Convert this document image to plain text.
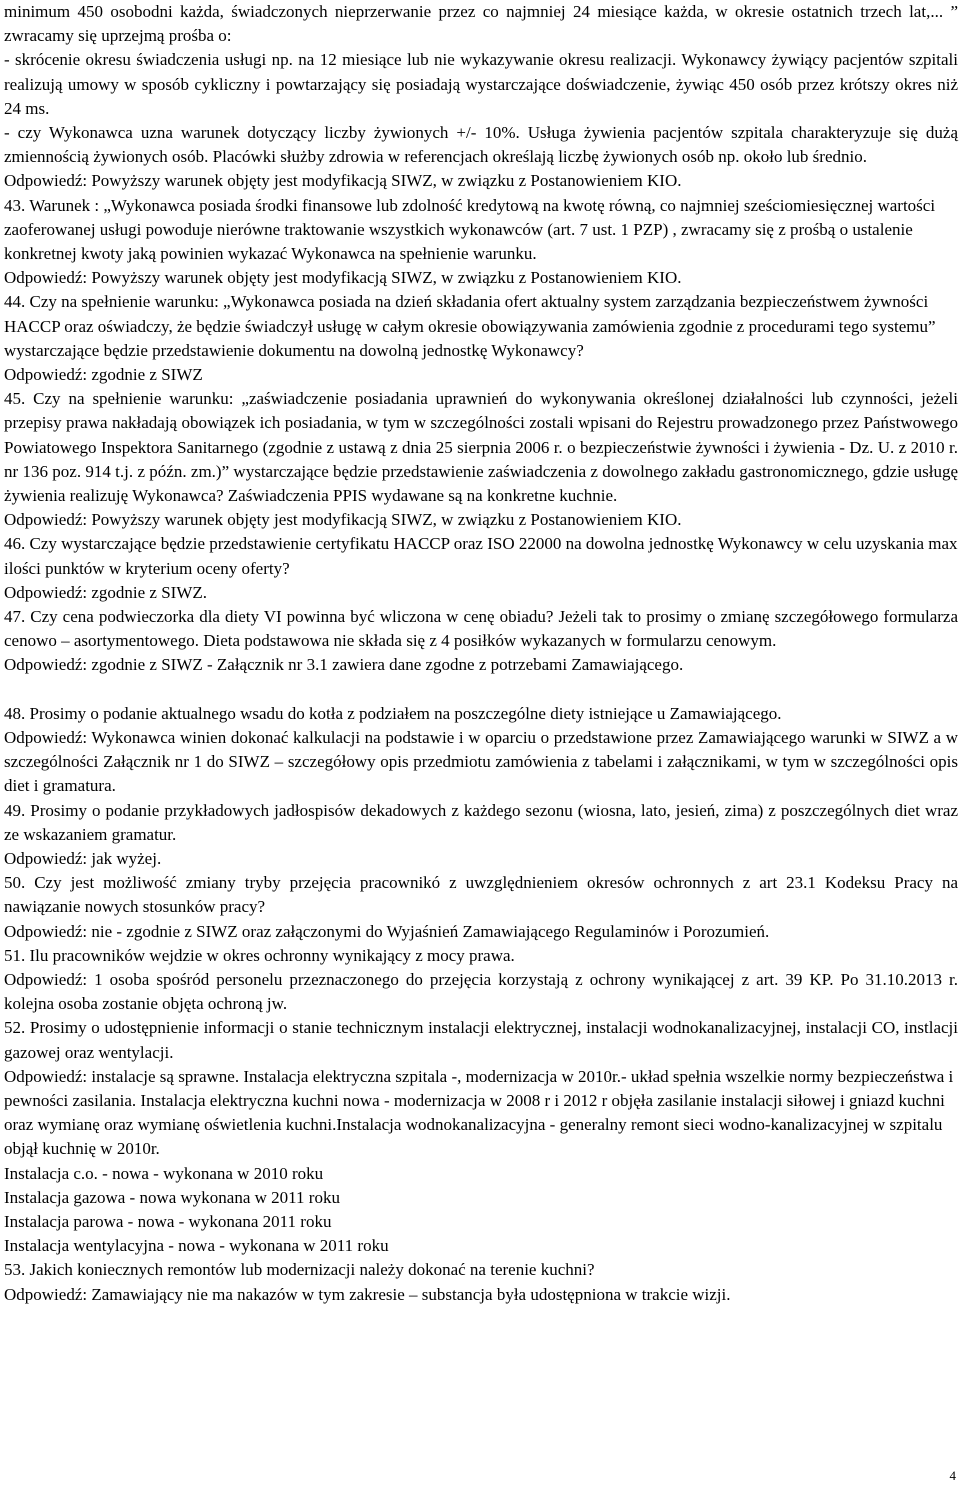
minimum 450 osobodni każda, świadczonych nieprzerwanie przez co najmniej 24 miesiące każda, w okresie ostatnich trzech lat,... ” zwracamy się uprzejmą prośba o:

- skrócenie okresu świadczenia usługi np. na 12 miesiące lub nie wykazywanie okresu realizacji. Wykonawcy żywiący pacjentów szpitali realizują umowy w sposób cykliczny i powtarzający się posiadają wystarczające doświadczenie, żywiąc 450 osób przez krótszy okres niż 24 ms.

- czy Wykonawca uzna warunek dotyczący liczby żywionych +/- 10%. Usługa żywienia pacjentów szpitala charakteryzuje się dużą zmiennością żywionych osób. Placówki służby zdrowia w referencjach określają liczbę żywionych osób np. około lub średnio.

Odpowiedź: Powyższy warunek objęty jest modyfikacją SIWZ, w związku z Postanowieniem KIO.

43. Warunek : „Wykonawca posiada środki finansowe lub zdolność kredytową na kwotę równą, co najmniej sześciomiesięcznej wartości zaoferowanej usługi powoduje nierówne traktowanie wszystkich wykonawców (art. 7 ust. 1 PZP) , zwracamy się z prośbą o ustalenie konkretnej kwoty jaką powinien wykazać Wykonawca na spełnienie warunku.

Odpowiedź: Powyższy warunek objęty jest modyfikacją SIWZ, w związku z Postanowieniem KIO.

44. Czy na spełnienie warunku: „Wykonawca posiada na dzień składania ofert aktualny system zarządzania bezpieczeństwem żywności HACCP oraz oświadczy, że będzie świadczył usługę w całym okresie obowiązywania zamówienia zgodnie z procedurami tego systemu” wystarczające będzie przedstawienie dokumentu na dowolną jednostkę Wykonawcy?

Odpowiedź: zgodnie z SIWZ

45. Czy na spełnienie warunku: „zaświadczenie posiadania uprawnień do wykonywania określonej działalności lub czynności, jeżeli przepisy prawa nakładają obowiązek ich posiadania, w tym w szczególności zostali wpisani do Rejestru prowadzonego przez Państwowego Powiatowego Inspektora Sanitarnego (zgodnie z ustawą z dnia 25 sierpnia 2006 r. o bezpieczeństwie żywności i żywienia - Dz. U. z 2010 r. nr 136 poz. 914 t.j. z późn. zm.)” wystarczające będzie przedstawienie zaświadczenia z dowolnego zakładu gastronomicznego, gdzie usługę żywienia realizuję Wykonawca? Zaświadczenia PPIS wydawane są na konkretne kuchnie.

Odpowiedź: Powyższy warunek objęty jest modyfikacją SIWZ, w związku z Postanowieniem KIO.

46. Czy wystarczające będzie przedstawienie certyfikatu HACCP oraz ISO 22000 na dowolna jednostkę Wykonawcy w celu uzyskania max ilości punktów w kryterium oceny oferty?

Odpowiedź: zgodnie z SIWZ.

47. Czy cena podwieczorka dla diety VI powinna być wliczona w cenę obiadu? Jeżeli tak to prosimy o zmianę szczegółowego formularza cenowo – asortymentowego. Dieta podstawowa nie składa się z 4 posiłków wykazanych w formularzu cenowym.

Odpowiedź: zgodnie z SIWZ - Załącznik nr 3.1 zawiera dane zgodne z potrzebami Zamawiającego.

48. Prosimy o podanie aktualnego wsadu do kotła z podziałem na poszczególne diety istniejące u Zamawiającego.

Odpowiedź: Wykonawca winien dokonać kalkulacji na podstawie i w oparciu o przedstawione przez Zamawiającego warunki w SIWZ a w szczególności Załącznik nr 1 do SIWZ – szczegółowy opis przedmiotu zamówienia z tabelami i załącznikami, w tym w szczególności opis diet i gramatura.

49. Prosimy o podanie przykładowych jadłospisów dekadowych z każdego sezonu (wiosna, lato, jesień, zima) z poszczególnych diet wraz ze wskazaniem gramatur.

Odpowiedź: jak wyżej.

50. Czy jest możliwość zmiany tryby przejęcia pracownikó z uwzględnieniem okresów ochronnych z art 23.1 Kodeksu Pracy na nawiązanie nowych stosunków pracy?

Odpowiedź: nie - zgodnie z SIWZ oraz załączonymi do Wyjaśnień Zamawiającego Regulaminów i Porozumień.

51. Ilu pracowników wejdzie w okres ochronny wynikający z mocy prawa.

Odpowiedź: 1 osoba spośród personelu przeznaczonego do przejęcia korzystają z ochrony wynikającej z art. 39 KP. Po 31.10.2013 r. kolejna osoba zostanie objęta ochroną jw.

52. Prosimy o udostępnienie informacji o stanie technicznym instalacji elektrycznej, instalacji wodnokanalizacyjnej, instalacji CO, instlacji gazowej oraz wentylacji.

Odpowiedź: instalacje są sprawne. Instalacja elektryczna szpitala -, modernizacja w 2010r.- układ spełnia wszelkie normy bezpieczeństwa i pewności zasilania. Instalacja elektryczna kuchni nowa - modernizacja w 2008 r i 2012 r objęła zasilanie instalacji siłowej i gniazd kuchni oraz wymianę oraz wymianę oświetlenia kuchni.Instalacja wodnokanalizacyjna - generalny remont sieci wodno-kanalizacyjnej w szpitalu objął kuchnię w 2010r.

Instalacja c.o. - nowa - wykonana w 2010 roku

Instalacja gazowa - nowa wykonana w 2011 roku

Instalacja parowa - nowa - wykonana 2011 roku

Instalacja wentylacyjna - nowa - wykonana w 2011 roku

53. Jakich koniecznych remontów lub modernizacji należy dokonać na terenie kuchni?

Odpowiedź: Zamawiający nie ma nakazów w tym zakresie – substancja była udostępniona w trakcie wizji.

4
